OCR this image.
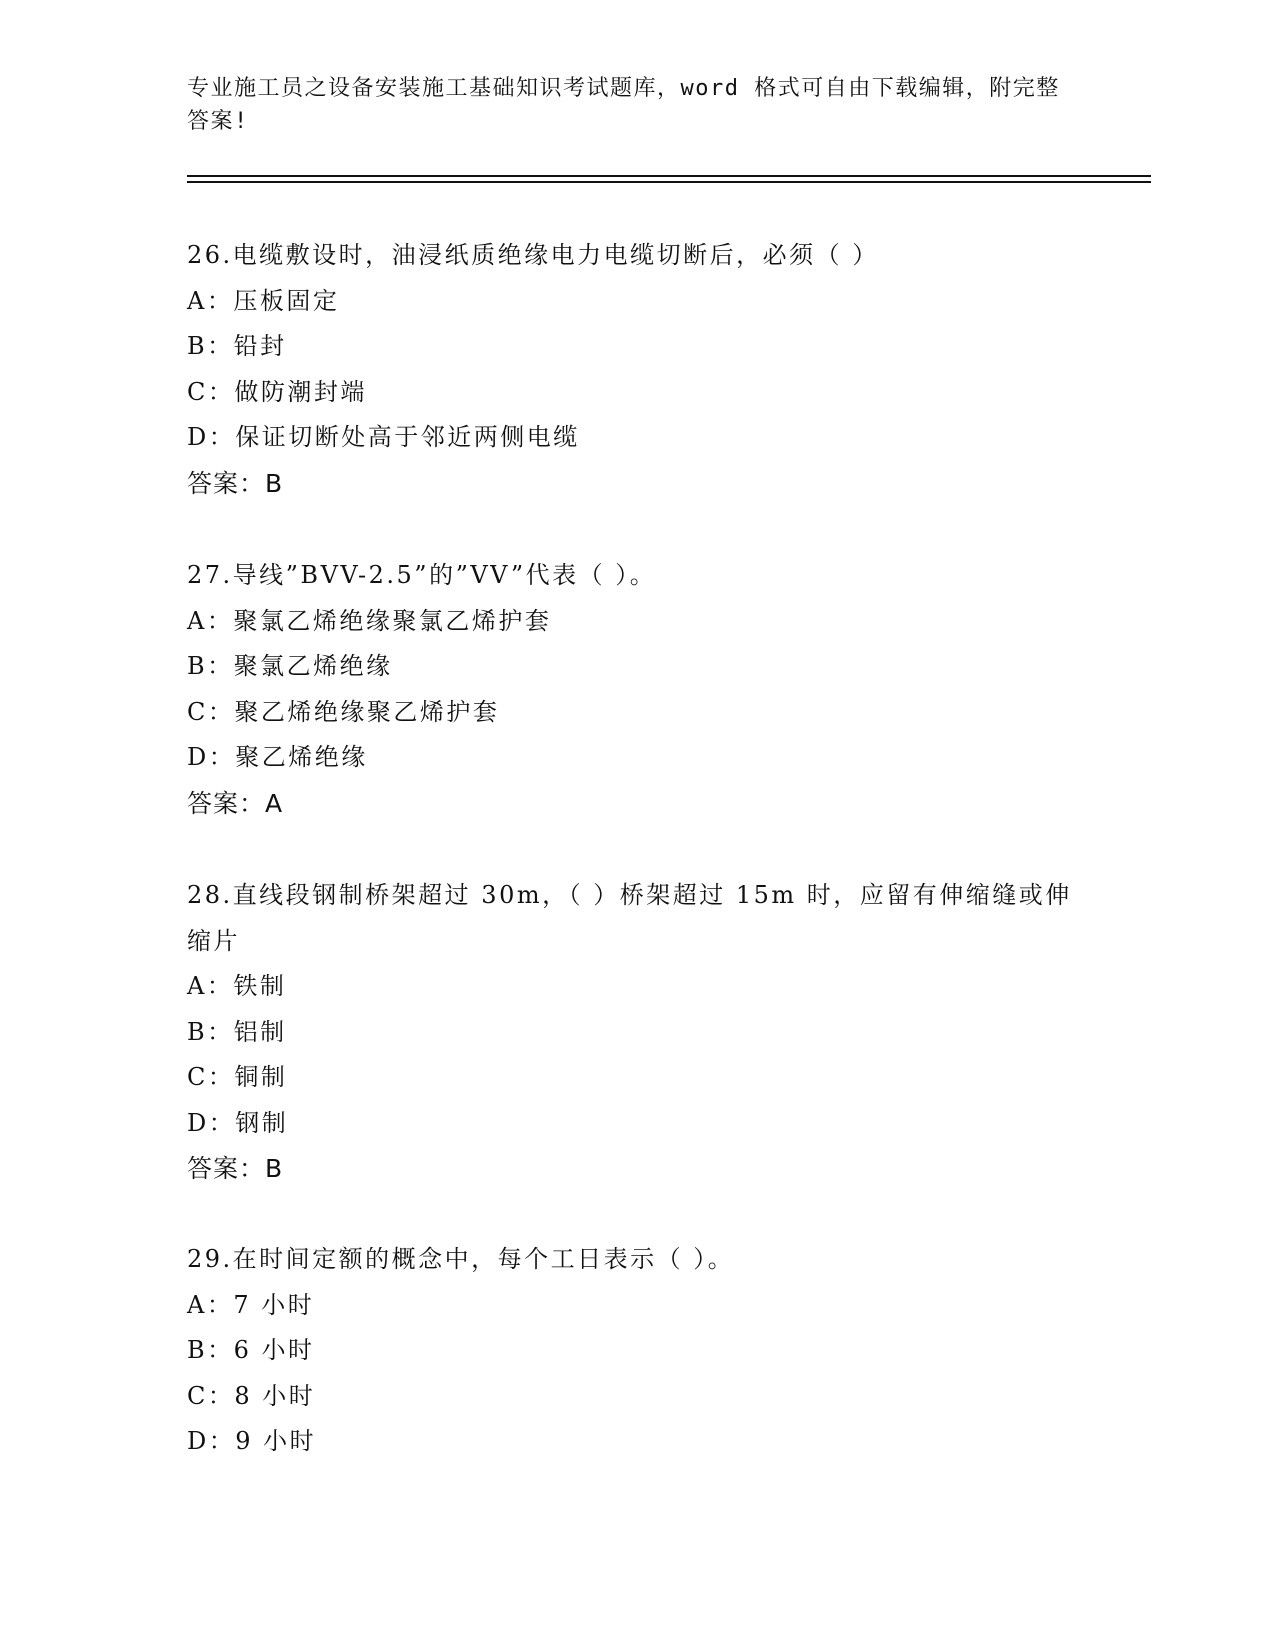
专业施工员之设备安装施工基础知识考试题库，word 格式可自由下载编辑，附完整答案!

26.电缆敷设时，油浸纸质绝缘电力电缆切断后，必须（ ）

A： 压板固定

B： 铅封

C： 做防潮封端

D： 保证切断处高于邻近两侧电缆

答案：B

27.导线”BVV-2.5”的”VV”代表（ ）。

A： 聚氯乙烯绝缘聚氯乙烯护套

B： 聚氯乙烯绝缘

C： 聚乙烯绝缘聚乙烯护套

D： 聚乙烯绝缘

答案：A

28.直线段钢制桥架超过 30m，（ ）桥架超过 15m 时，应留有伸缩缝或伸缩片

A： 铁制

B： 铝制

C： 铜制

D： 钢制

答案：B

29.在时间定额的概念中，每个工日表示（ ）。

A： 7 小时

B： 6 小时

C： 8 小时

D： 9 小时
